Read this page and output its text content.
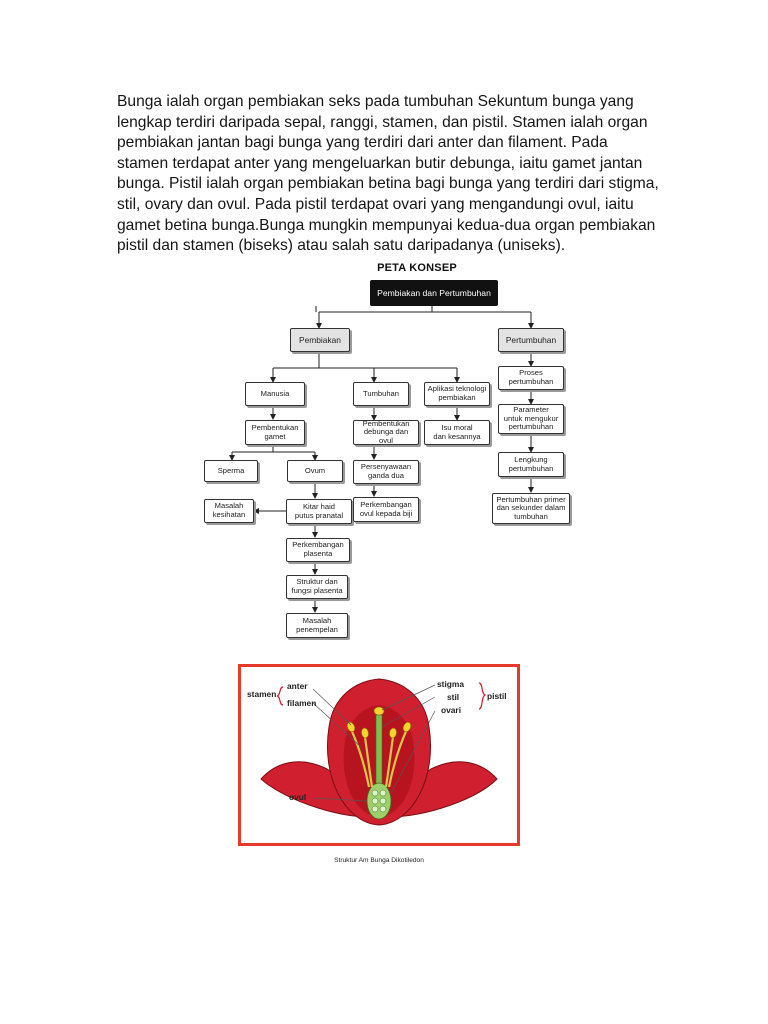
Bunga ialah organ pembiakan seks pada tumbuhan Sekuntum bunga yang lengkap terdiri daripada sepal, ranggi, stamen, dan pistil. Stamen ialah organ pembiakan jantan bagi bunga yang terdiri dari anter dan filament. Pada stamen terdapat anter yang mengeluarkan butir debunga, iaitu gamet jantan bunga. Pistil ialah organ pembiakan betina bagi bunga yang terdiri dari stigma, stil, ovary dan ovul. Pada pistil terdapat ovari yang mengandungi ovul, iaitu gamet betina bunga.Bunga mungkin mempunyai kedua-dua organ pembiakan pistil dan stamen (biseks) atau salah satu daripadanya (uniseks).

PETA KONSEP
Pembiakan dan Pertumbuhan
Pembiakan	Pertumbuhan
Manusia	Tumbuhan	Aplikasi teknologi
pembiakan
Pembentukan
gamet
Sperma	Ovum
Masalah
kesihatan
Kitar haid
putus pranatal
Perkembangan
plasenta
Struktur dan
fungsi plasenta
Masalah
penempelan
Pembentukan
debunga dan ovul
Persenyawaan
ganda dua
Perkembangan
ovul kepada biji
Isu moral
dan kesannya
Proses
pertumbuhan
Parameter
untuk mengukur
pertumbuhan
Lengkung
pertumbuhan
Pertumbuhan primer
dan sekunder dalam
tumbuhan
stamen
anter
filamen
stigma
stil	pistil
ovari
ovul
Struktur Am Bunga Dikotiledon
